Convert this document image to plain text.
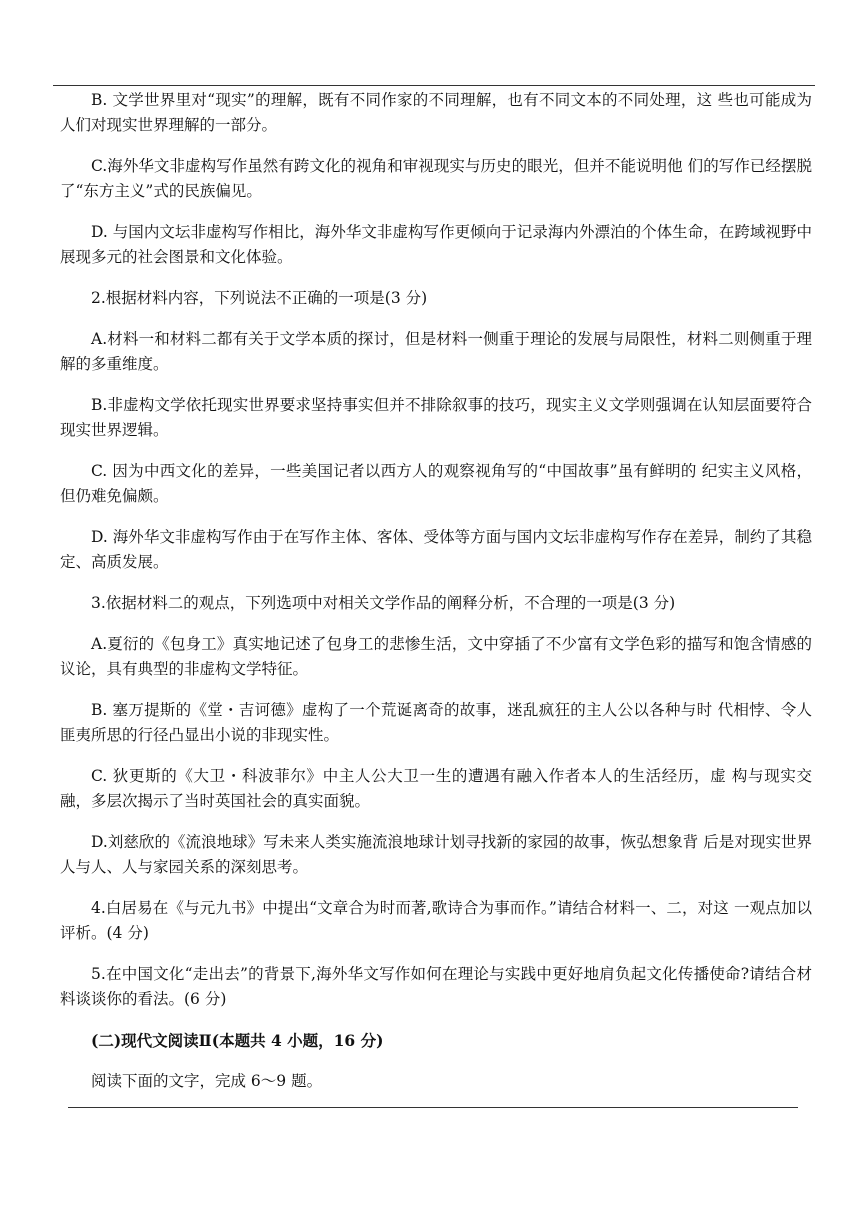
B. 文学世界里对“现实”的理解，既有不同作家的不同理解，也有不同文本的不同处理，这 些也可能成为人们对现实世界理解的一部分。

C.海外华文非虚构写作虽然有跨文化的视角和审视现实与历史的眼光，但并不能说明他 们的写作已经摆脱了“东方主义”式的民族偏见。

D. 与国内文坛非虚构写作相比，海外华文非虚构写作更倾向于记录海内外漂泊的个体生命，在跨域视野中展现多元的社会图景和文化体验。

2.根据材料内容，下列说法不正确的一项是(3 分)

A.材料一和材料二都有关于文学本质的探讨，但是材料一侧重于理论的发展与局限性，材料二则侧重于理解的多重维度。

B.非虚构文学依托现实世界要求坚持事实但并不排除叙事的技巧，现实主义文学则强调在认知层面要符合现实世界逻辑。

C. 因为中西文化的差异，一些美国记者以西方人的观察视角写的“中国故事”虽有鲜明的 纪实主义风格，但仍难免偏颇。

D. 海外华文非虚构写作由于在写作主体、客体、受体等方面与国内文坛非虚构写作存在差异，制约了其稳定、高质发展。

3.依据材料二的观点，下列选项中对相关文学作品的阐释分析，不合理的一项是(3 分)

A.夏衍的《包身工》真实地记述了包身工的悲惨生活，文中穿插了不少富有文学色彩的描写和饱含情感的议论，具有典型的非虚构文学特征。

B. 塞万提斯的《堂・吉诃德》虚构了一个荒诞离奇的故事，迷乱疯狂的主人公以各种与时 代相悖、令人匪夷所思的行径凸显出小说的非现实性。

C. 狄更斯的《大卫・科波菲尔》中主人公大卫一生的遭遇有融入作者本人的生活经历，虚 构与现实交融，多层次揭示了当时英国社会的真实面貌。

D.刘慈欣的《流浪地球》写未来人类实施流浪地球计划寻找新的家园的故事，恢弘想象背 后是对现实世界人与人、人与家园关系的深刻思考。

4.白居易在《与元九书》中提出“文章合为时而著,歌诗合为事而作。”请结合材料一、二，对这 一观点加以评析。(4 分)

5.在中国文化“走出去”的背景下,海外华文写作如何在理论与实践中更好地肩负起文化传播使命?请结合材料谈谈你的看法。(6 分)

(二)现代文阅读Ⅱ(本题共 4 小题，16 分)

阅读下面的文字，完成 6～9 题。
